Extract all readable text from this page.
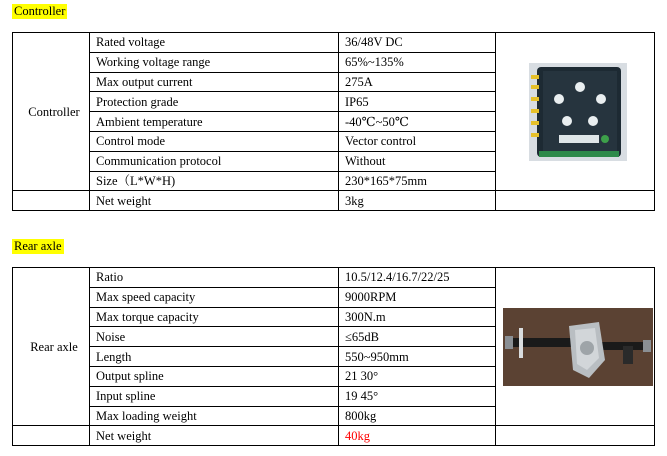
Controller
Controller	Rated voltage	36/48V DC	

	Working voltage range	65%~135%	
	Max output current	275A	
	Protection grade	IP65	
	Ambient temperature	-40℃~50℃	
	Control mode	Vector control	
	Communication protocol	Without	
	Size（L*W*H)	230*165*75mm	
	Net weight	3kg	
Rear axle
Rear axle	Ratio	10.5/12.4/16.7/22/25	

	Max speed capacity	9000RPM	
	Max torque capacity	300N.m	
	Noise	≤65dB	
	Length	550~950mm	
	Output spline	21 30°	
	Input spline	19 45°	
	Max loading weight	800kg	
	Net weight	40kg	
